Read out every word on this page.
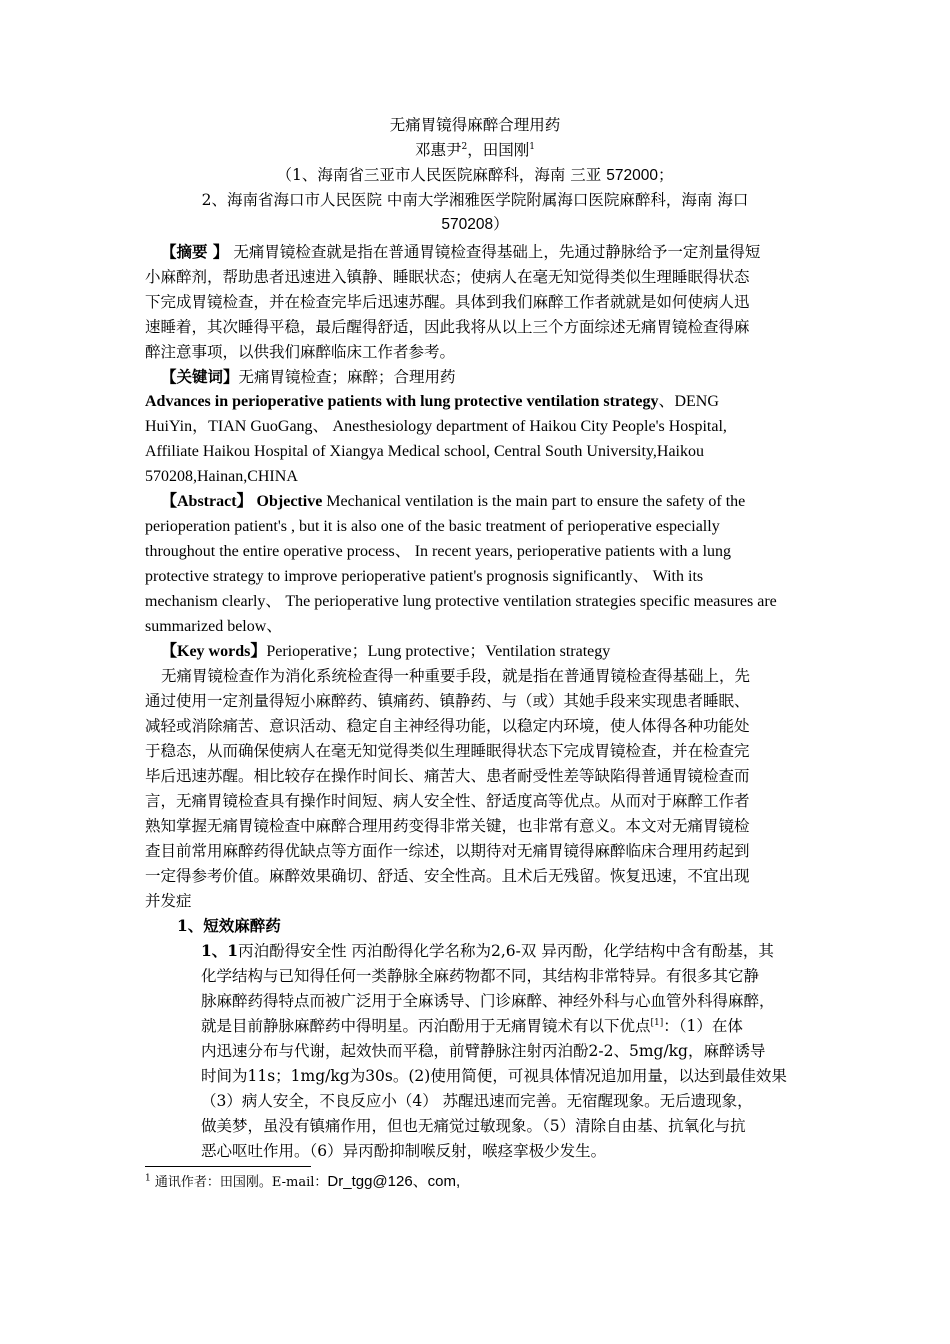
无痛胃镜得麻醉合理用药
邓惠尹$^2$，田国刚$^1$
（1、海南省三亚市人民医院麻醉科，海南 三亚 572000；
2、海南省海口市人民医院 中南大学湘雅医学院附属海口医院麻醉科，海南 海口
570208）
【摘要 】 无痛胃镜检查就是指在普通胃镜检查得基础上，先通过静脉给予一定剂量得短
小麻醉剂，帮助患者迅速进入镇静、睡眠状态；使病人在毫无知觉得类似生理睡眠得状态
下完成胃镜检查，并在检查完毕后迅速苏醒。具体到我们麻醉工作者就就是如何使病人迅
速睡着，其次睡得平稳，最后醒得舒适，因此我将从以上三个方面综述无痛胃镜检查得麻
醉注意事项，以供我们麻醉临床工作者参考。
【关键词】无痛胃镜检查；麻醉；合理用药
Advances in perioperative patients with lung protective ventilation strategy、DENG
HuiYin，TIAN GuoGang、 Anesthesiology department of Haikou City People's Hospital,
Affiliate Haikou Hospital of Xiangya Medical school, Central South University,Haikou
570208,Hainan,CHINA
【Abstract】 Objective Mechanical ventilation is the main part to ensure the safety of the
perioperation patient's , but it is also one of the basic treatment of perioperative especially
throughout the entire operative process、 In recent years, perioperative patients with a lung
protective strategy to improve perioperative patient's prognosis significantly、 With its
mechanism clearly、 The perioperative lung protective ventilation strategies specific measures are
summarized below、
【Key words】Perioperative；Lung protective；Ventilation strategy
无痛胃镜检查作为消化系统检查得一种重要手段，就是指在普通胃镜检查得基础上，先
通过使用一定剂量得短小麻醉药、镇痛药、镇静药、与（或）其她手段来实现患者睡眠、
减轻或消除痛苦、意识活动、稳定自主神经得功能，以稳定内环境，使人体得各种功能处
于稳态，从而确保使病人在毫无知觉得类似生理睡眠得状态下完成胃镜检查，并在检查完
毕后迅速苏醒。相比较存在操作时间长、痛苦大、患者耐受性差等缺陷得普通胃镜检查而
言，无痛胃镜检查具有操作时间短、病人安全性、舒适度高等优点。从而对于麻醉工作者
熟知掌握无痛胃镜检查中麻醉合理用药变得非常关键，也非常有意义。本文对无痛胃镜检
查目前常用麻醉药得优缺点等方面作一综述，以期待对无痛胃镜得麻醉临床合理用药起到
一定得参考价值。麻醉效果确切、舒适、安全性高。且术后无残留。恢复迅速，不宜出现
并发症
1、短效麻醉药
1、1丙泊酚得安全性 丙泊酚得化学名称为2,6-双 异丙酚，化学结构中含有酚基，其
化学结构与已知得任何一类静脉全麻药物都不同，其结构非常特异。有很多其它静
脉麻醉药得特点而被广泛用于全麻诱导、门诊麻醉、神经外科与心血管外科得麻醉，
就是目前静脉麻醉药中得明星。丙泊酚用于无痛胃镜术有以下优点[1]：（1）在体
内迅速分布与代谢，起效快而平稳，前臂静脉注射丙泊酚2-2、5mg/kg，麻醉诱导
时间为11s；1mg/kg为30s。(2)使用简便，可视具体情况追加用量，以达到最佳效果
（3）病人安全，不良反应小（4） 苏醒迅速而完善。无宿醒现象。无后遗现象，
做美梦，虽没有镇痛作用，但也无痛觉过敏现象。（5）清除自由基、抗氧化与抗
恶心呕吐作用。（6）异丙酚抑制喉反射，喉痉挛极少发生。
$^1$ 通讯作者：田国刚。E-mail：Dr_tgg@126、com,
